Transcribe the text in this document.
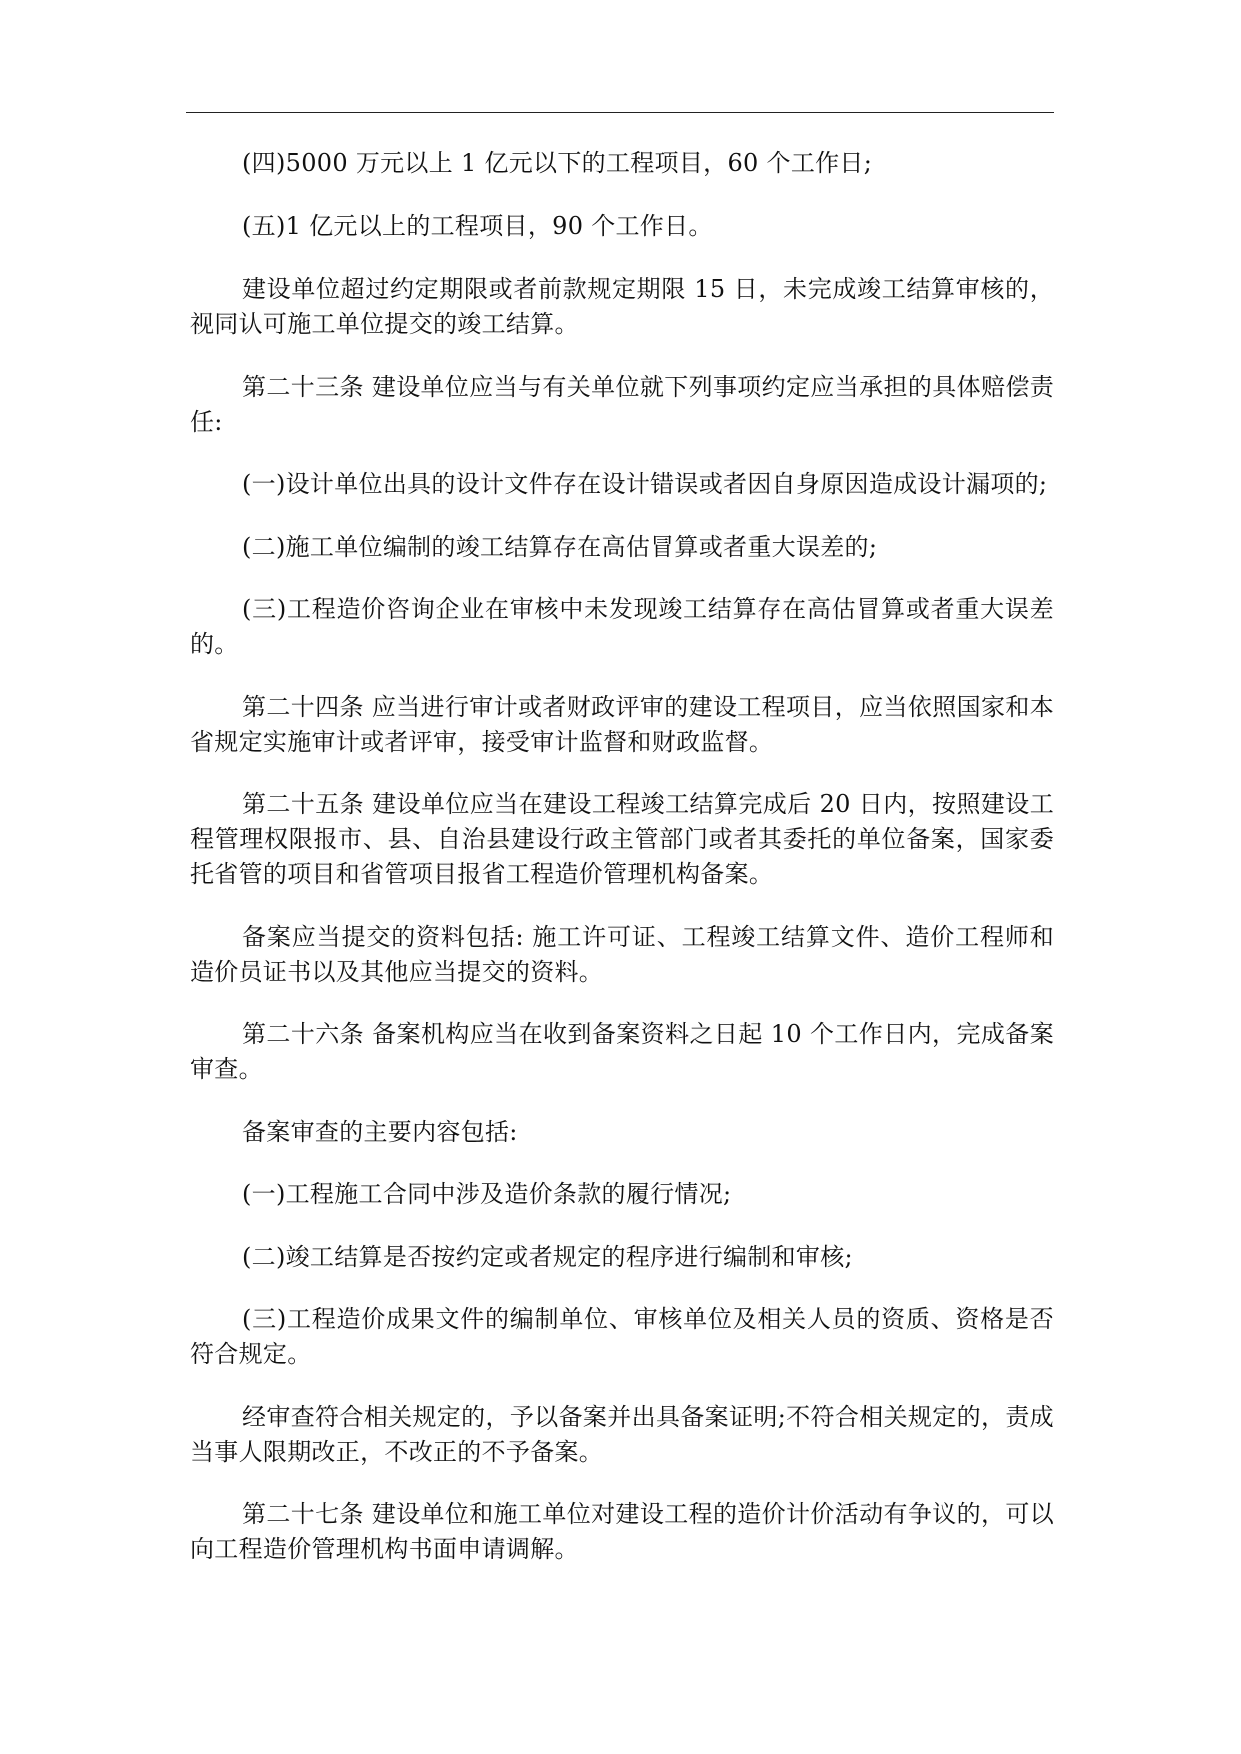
(四)5000 万元以上 1 亿元以下的工程项目，60 个工作日;

(五)1 亿元以上的工程项目，90 个工作日。

建设单位超过约定期限或者前款规定期限 15 日，未完成竣工结算审核的，视同认可施工单位提交的竣工结算。

第二十三条 建设单位应当与有关单位就下列事项约定应当承担的具体赔偿责任:

(一)设计单位出具的设计文件存在设计错误或者因自身原因造成设计漏项的;

(二)施工单位编制的竣工结算存在高估冒算或者重大误差的;

(三)工程造价咨询企业在审核中未发现竣工结算存在高估冒算或者重大误差的。

第二十四条 应当进行审计或者财政评审的建设工程项目，应当依照国家和本省规定实施审计或者评审，接受审计监督和财政监督。

第二十五条 建设单位应当在建设工程竣工结算完成后 20 日内，按照建设工程管理权限报市、县、自治县建设行政主管部门或者其委托的单位备案，国家委托省管的项目和省管项目报省工程造价管理机构备案。

备案应当提交的资料包括: 施工许可证、工程竣工结算文件、造价工程师和造价员证书以及其他应当提交的资料。

第二十六条 备案机构应当在收到备案资料之日起 10 个工作日内，完成备案审查。

备案审查的主要内容包括:

(一)工程施工合同中涉及造价条款的履行情况;

(二)竣工结算是否按约定或者规定的程序进行编制和审核;

(三)工程造价成果文件的编制单位、审核单位及相关人员的资质、资格是否符合规定。

经审查符合相关规定的，予以备案并出具备案证明;不符合相关规定的，责成当事人限期改正，不改正的不予备案。

第二十七条 建设单位和施工单位对建设工程的造价计价活动有争议的，可以向工程造价管理机构书面申请调解。
